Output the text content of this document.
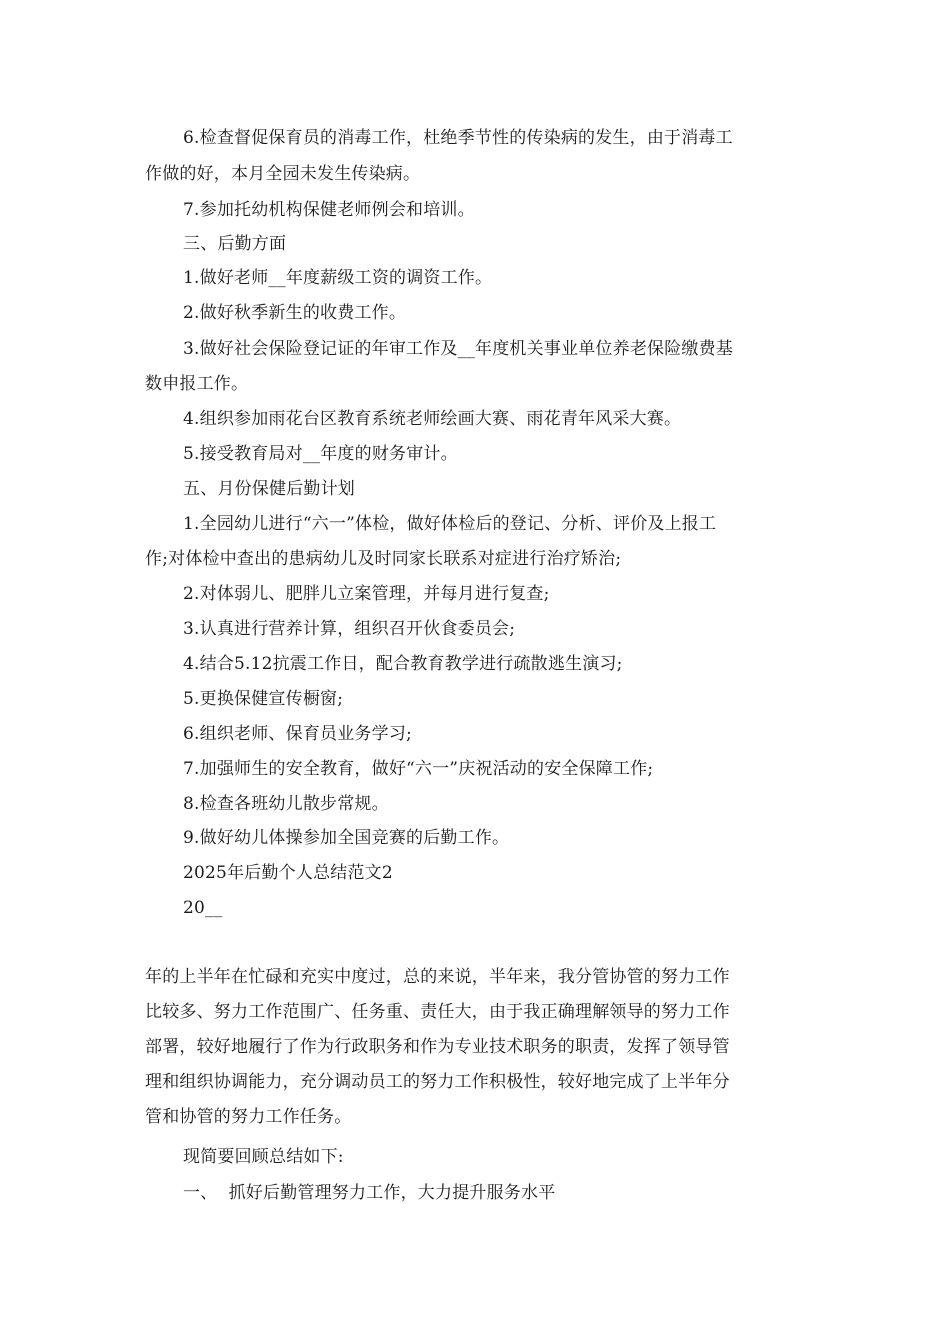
6.检查督促保育员的消毒工作，杜绝季节性的传染病的发生，由于消毒工
作做的好，本月全园未发生传染病。
7.参加托幼机构保健老师例会和培训。
三、后勤方面
1.做好老师__年度薪级工资的调资工作。
2.做好秋季新生的收费工作。
3.做好社会保险登记证的年审工作及__年度机关事业单位养老保险缴费基
数申报工作。
4.组织参加雨花台区教育系统老师绘画大赛、雨花青年风采大赛。
5.接受教育局对__年度的财务审计。
五、月份保健后勤计划
1.全园幼儿进行“六一”体检，做好体检后的登记、分析、评价及上报工
作;对体检中查出的患病幼儿及时同家长联系对症进行治疗矫治;
2.对体弱儿、肥胖儿立案管理，并每月进行复查;
3.认真进行营养计算，组织召开伙食委员会;
4.结合5.12抗震工作日，配合教育教学进行疏散逃生演习;
5.更换保健宣传橱窗;
6.组织老师、保育员业务学习;
7.加强师生的安全教育，做好“六一”庆祝活动的安全保障工作;
8.检查各班幼儿散步常规。
9.做好幼儿体操参加全国竞赛的后勤工作。
2025年后勤个人总结范文2
20__
年的上半年在忙碌和充实中度过，总的来说，半年来，我分管协管的努力工作
比较多、努力工作范围广、任务重、责任大，由于我正确理解领导的努力工作
部署，较好地履行了作为行政职务和作为专业技术职务的职责，发挥了领导管
理和组织协调能力，充分调动员工的努力工作积极性，较好地完成了上半年分
管和协管的努力工作任务。
现简要回顾总结如下:
一、  抓好后勤管理努力工作，大力提升服务水平
